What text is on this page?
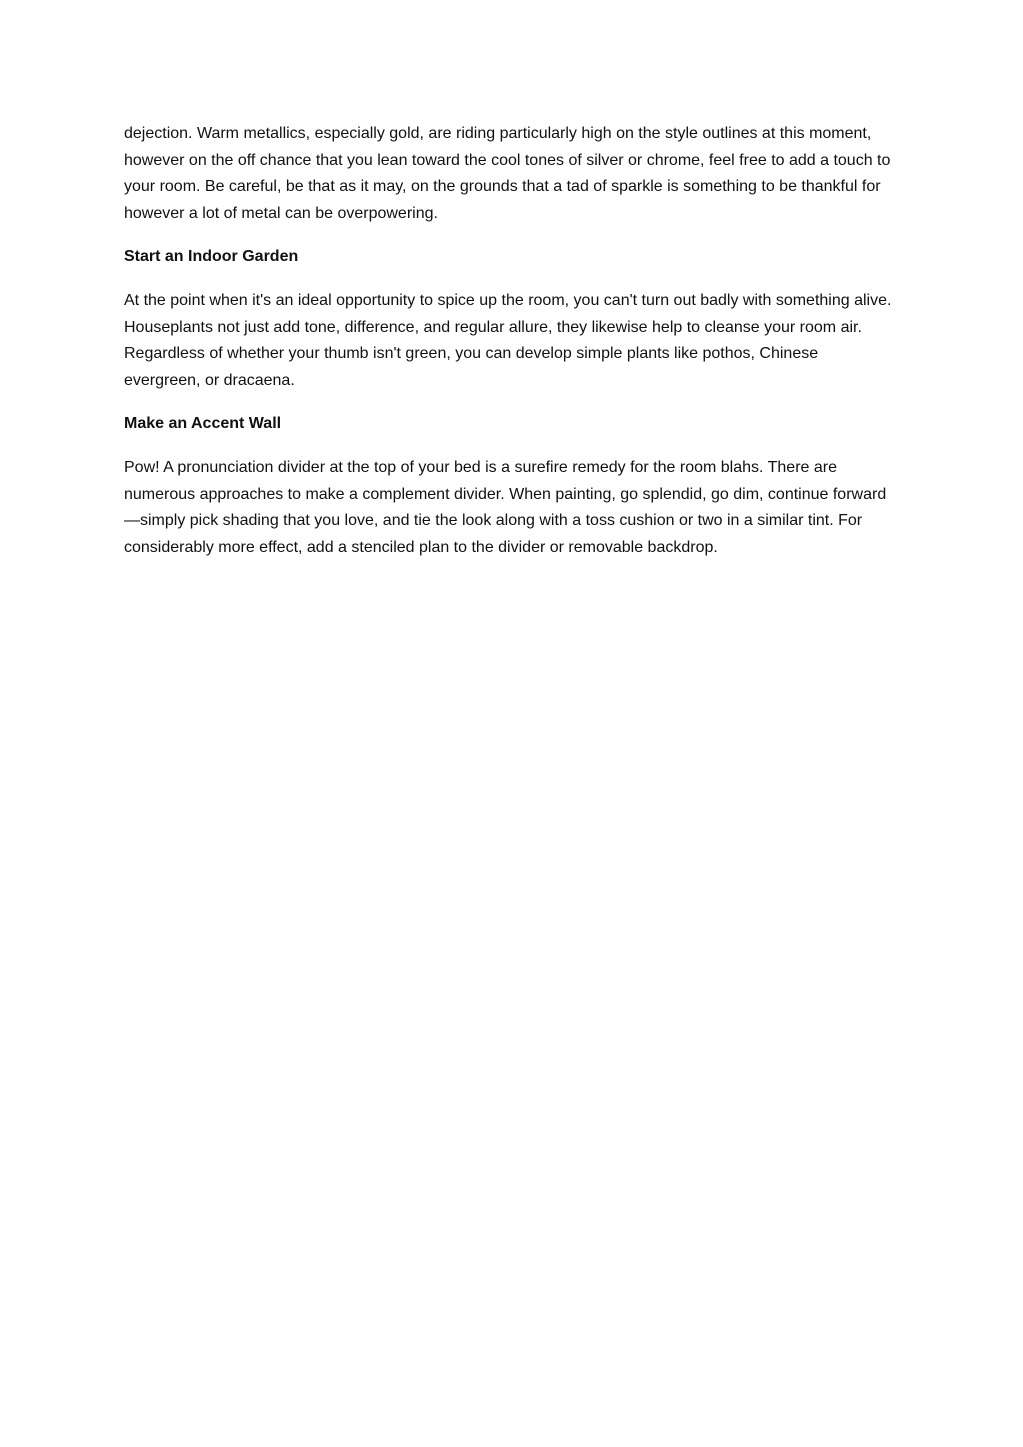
dejection. Warm metallics, especially gold, are riding particularly high on the style outlines at this moment, however on the off chance that you lean toward the cool tones of silver or chrome, feel free to add a touch to your room. Be careful, be that as it may, on the grounds that a tad of sparkle is something to be thankful for however a lot of metal can be overpowering.

Start an Indoor Garden

At the point when it's an ideal opportunity to spice up the room, you can't turn out badly with something alive. Houseplants not just add tone, difference, and regular allure, they likewise help to cleanse your room air. Regardless of whether your thumb isn't green, you can develop simple plants like pothos, Chinese evergreen, or dracaena.

Make an Accent Wall

Pow! A pronunciation divider at the top of your bed is a surefire remedy for the room blahs. There are numerous approaches to make a complement divider. When painting, go splendid, go dim, continue forward—simply pick shading that you love, and tie the look along with a toss cushion or two in a similar tint. For considerably more effect, add a stenciled plan to the divider or removable backdrop.
